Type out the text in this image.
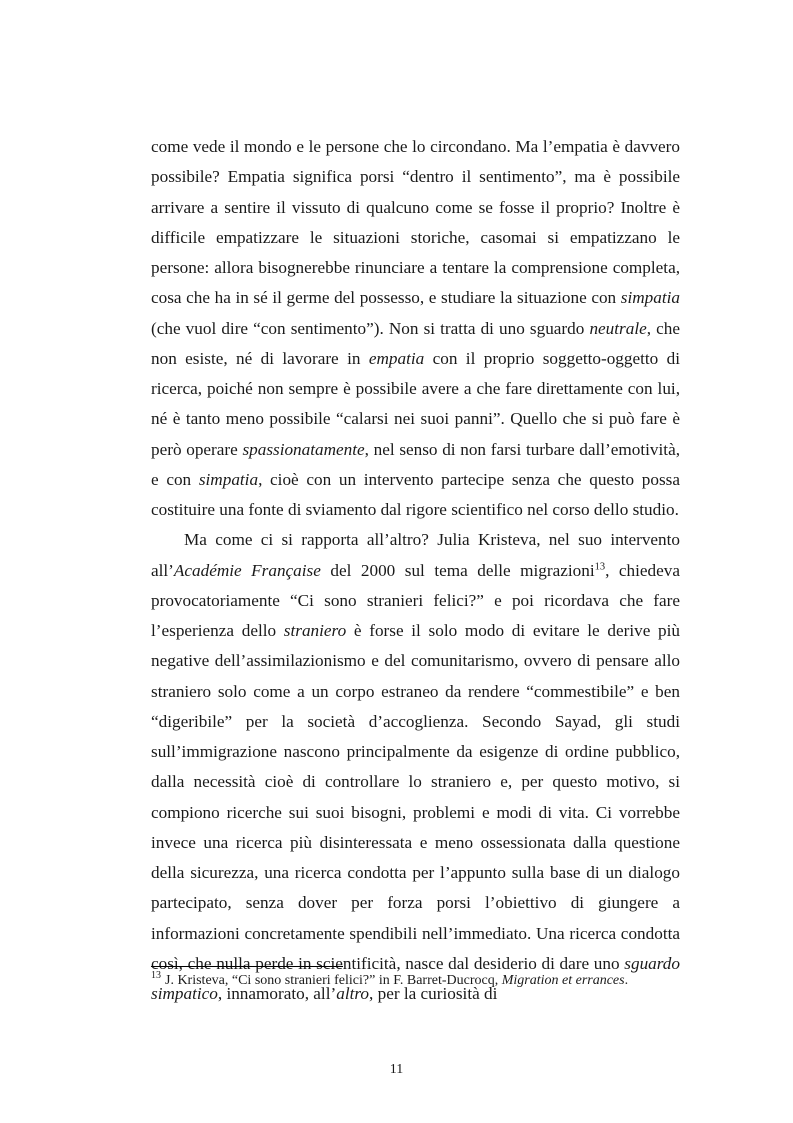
come vede il mondo e le persone che lo circondano. Ma l’empatia è davvero possibile? Empatia significa porsi “dentro il sentimento”, ma è possibile arrivare a sentire il vissuto di qualcuno come se fosse il proprio? Inoltre è difficile empatizzare le situazioni storiche, casomai si empatizzano le persone: allora bisognerebbe rinunciare a tentare la comprensione completa, cosa che ha in sé il germe del possesso, e studiare la situazione con simpatia (che vuol dire “con sentimento”). Non si tratta di uno sguardo neutrale, che non esiste, né di lavorare in empatia con il proprio soggetto-oggetto di ricerca, poiché non sempre è possibile avere a che fare direttamente con lui, né è tanto meno possibile “calarsi nei suoi panni”. Quello che si può fare è però operare spassionatamente, nel senso di non farsi turbare dall’emotività, e con simpatia, cioè con un intervento partecipe senza che questo possa costituire una fonte di sviamento dal rigore scientifico nel corso dello studio.

Ma come ci si rapporta all’altro? Julia Kristeva, nel suo intervento all’Académie Française del 2000 sul tema delle migrazioni$^{13}$, chiedeva provocatoriamente “Ci sono stranieri felici?” e poi ricordava che fare l’esperienza dello straniero è forse il solo modo di evitare le derive più negative dell’assimilazionismo e del comunitarismo, ovvero di pensare allo straniero solo come a un corpo estraneo da rendere “commestibile” e ben “digeribile” per la società d’accoglienza. Secondo Sayad, gli studi sull’immigrazione nascono principalmente da esigenze di ordine pubblico, dalla necessità cioè di controllare lo straniero e, per questo motivo, si compiono ricerche sui suoi bisogni, problemi e modi di vita. Ci vorrebbe invece una ricerca più disinteressata e meno ossessionata dalla questione della sicurezza, una ricerca condotta per l’appunto sulla base di un dialogo partecipato, senza dover per forza porsi l’obiettivo di giungere a informazioni concretamente spendibili nell’immediato. Una ricerca condotta così, che nulla perde in scientificità, nasce dal desiderio di dare uno sguardo simpatico, innamorato, all’altro, per la curiosità di

$^{13}$ J. Kristeva, “Ci sono stranieri felici?” in F. Barret-Ducrocq, Migration et errances.
11
